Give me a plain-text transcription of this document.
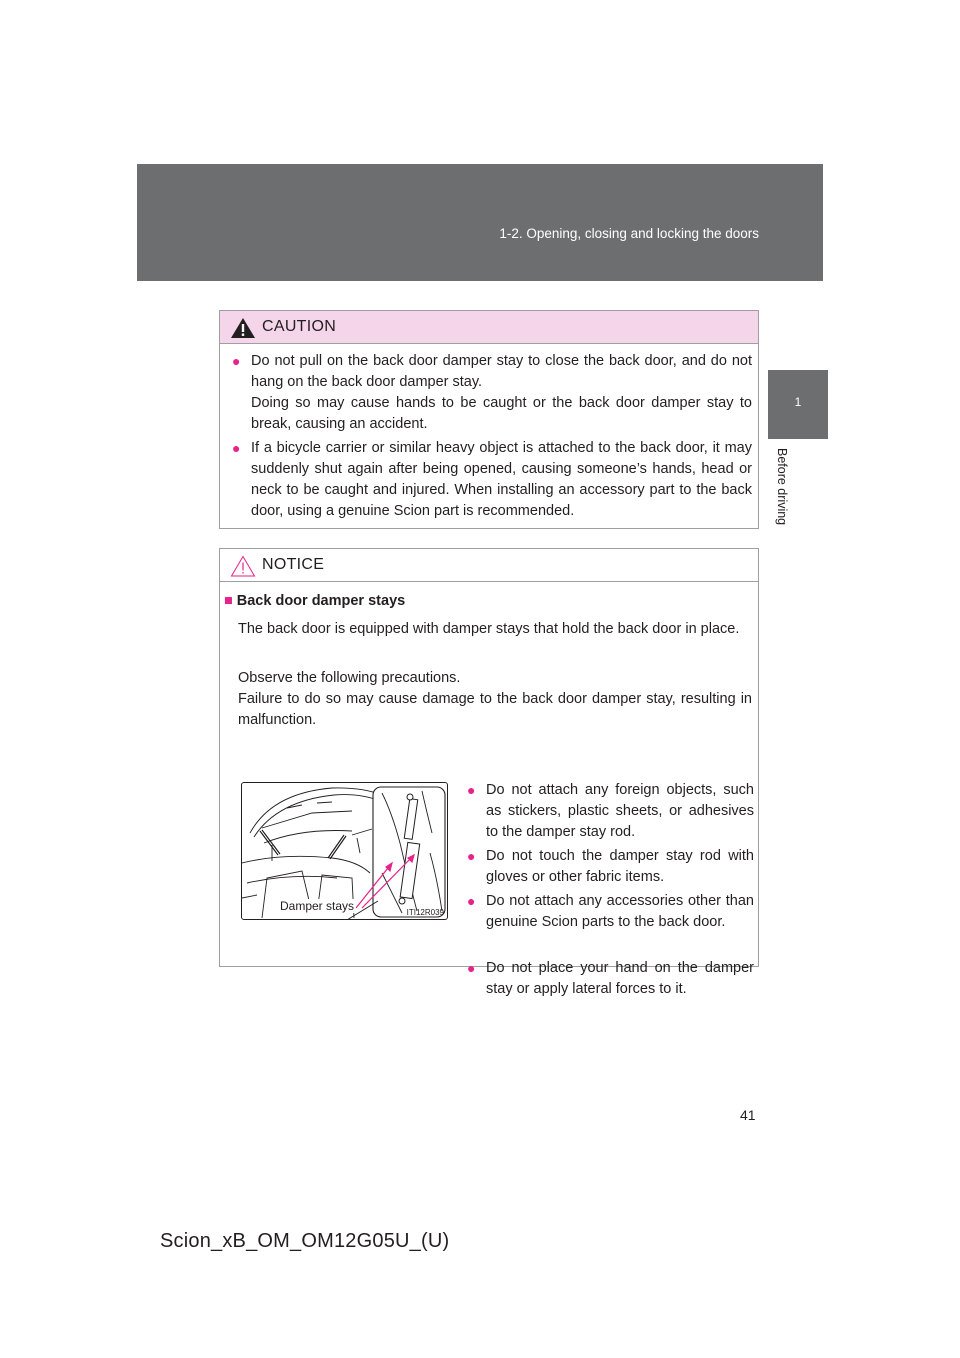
1-2. Opening, closing and locking the doors
1
Before driving
CAUTION
● Do not pull on the back door damper stay to close the back door, and do not hang on the back door damper stay.
Doing so may cause hands to be caught or the back door damper stay to break, causing an accident.
● If a bicycle carrier or similar heavy object is attached to the back door, it may suddenly shut again after being opened, causing someone’s hands, head or neck to be caught and injured. When installing an accessory part to the back door, using a genuine Scion part is recommended.
NOTICE
■ Back door damper stays
The back door is equipped with damper stays that hold the back door in place.
Observe the following precautions.
Failure to do so may cause damage to the back door damper stay, resulting in malfunction.
Damper stays	ITI12R039
● Do not attach any foreign objects, such as stickers, plastic sheets, or adhesives to the damper stay rod.
● Do not touch the damper stay rod with gloves or other fabric items.
● Do not attach any accessories other than genuine Scion parts to the back door.
● Do not place your hand on the damper stay or apply lateral forces to it.
41
Scion_xB_OM_OM12G05U_(U)
